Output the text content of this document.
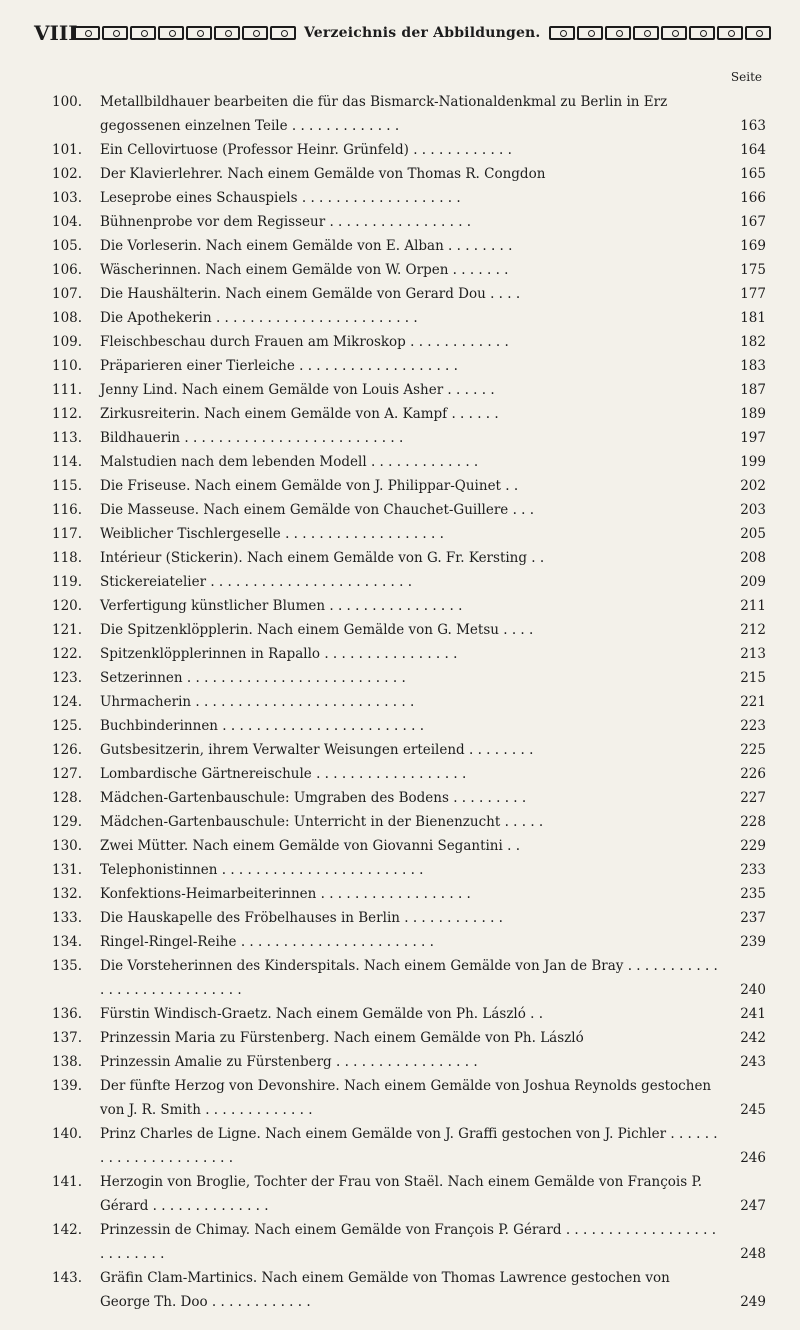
VIII	Verzeichnis der Abbildungen.
Seite
100. Metallbildhauer bearbeiten die für das Bismarck-Nationaldenkmal zu Berlin in Erz gegossenen einzelnen Teile . . . . . . . . . . . . .	163
101. Ein Cellovirtuose (Professor Heinr. Grünfeld) . . . . . . . . . . . .	164
102. Der Klavierlehrer. Nach einem Gemälde von Thomas R. Congdon	165
103. Leseprobe eines Schauspiels . . . . . . . . . . . . . . . . . . .	166
104. Bühnenprobe vor dem Regisseur . . . . . . . . . . . . . . . . .	167
105. Die Vorleserin. Nach einem Gemälde von E. Alban . . . . . . . .	169
106. Wäscherinnen. Nach einem Gemälde von W. Orpen . . . . . . .	175
107. Die Haushälterin. Nach einem Gemälde von Gerard Dou . . . .	177
108. Die Apothekerin . . . . . . . . . . . . . . . . . . . . . . . .	181
109. Fleischbeschau durch Frauen am Mikroskop . . . . . . . . . . . .	182
110. Präparieren einer Tierleiche . . . . . . . . . . . . . . . . . . .	183
111. Jenny Lind. Nach einem Gemälde von Louis Asher . . . . . .	187
112. Zirkusreiterin. Nach einem Gemälde von A. Kampf . . . . . .	189
113. Bildhauerin . . . . . . . . . . . . . . . . . . . . . . . . . .	197
114. Malstudien nach dem lebenden Modell . . . . . . . . . . . . .	199
115. Die Friseuse. Nach einem Gemälde von J. Philippar-Quinet . .	202
116. Die Masseuse. Nach einem Gemälde von Chauchet-Guillere . . .	203
117. Weiblicher Tischlergeselle . . . . . . . . . . . . . . . . . . .	205
118. Intérieur (Stickerin). Nach einem Gemälde von G. Fr. Kersting . .	208
119. Stickereiatelier . . . . . . . . . . . . . . . . . . . . . . . .	209
120. Verfertigung künstlicher Blumen . . . . . . . . . . . . . . . .	211
121. Die Spitzenklöpplerin. Nach einem Gemälde von G. Metsu . . . .	212
122. Spitzenklöpplerinnen in Rapallo . . . . . . . . . . . . . . . .	213
123. Setzerinnen . . . . . . . . . . . . . . . . . . . . . . . . . .	215
124. Uhrmacherin . . . . . . . . . . . . . . . . . . . . . . . . . .	221
125. Buchbinderinnen . . . . . . . . . . . . . . . . . . . . . . . .	223
126. Gutsbesitzerin, ihrem Verwalter Weisungen erteilend . . . . . . . .	225
127. Lombardische Gärtnereischule . . . . . . . . . . . . . . . . . .	226
128. Mädchen-Gartenbauschule: Umgraben des Bodens . . . . . . . . .	227
129. Mädchen-Gartenbauschule: Unterricht in der Bienenzucht . . . . .	228
130. Zwei Mütter. Nach einem Gemälde von Giovanni Segantini . .	229
131. Telephonistinnen . . . . . . . . . . . . . . . . . . . . . . . .	233
132. Konfektions-Heimarbeiterinnen . . . . . . . . . . . . . . . . . .	235
133. Die Hauskapelle des Fröbelhauses in Berlin . . . . . . . . . . . .	237
134. Ringel-Ringel-Reihe . . . . . . . . . . . . . . . . . . . . . . .	239
135. Die Vorsteherinnen des Kinderspitals. Nach einem Gemälde von Jan de Bray . . . . . . . . . . . . . . . . . . . . . . . . . . . .	240
136. Fürstin Windisch-Graetz. Nach einem Gemälde von Ph. László . .	241
137. Prinzessin Maria zu Fürstenberg. Nach einem Gemälde von Ph. László	242
138. Prinzessin Amalie zu Fürstenberg . . . . . . . . . . . . . . . . .	243
139. Der fünfte Herzog von Devonshire. Nach einem Gemälde von Joshua Reynolds gestochen von J. R. Smith . . . . . . . . . . . . .	245
140. Prinz Charles de Ligne. Nach einem Gemälde von J. Graffi gestochen von J. Pichler . . . . . . . . . . . . . . . . . . . . . .	246
141. Herzogin von Broglie, Tochter der Frau von Staël. Nach einem Gemälde von François P. Gérard . . . . . . . . . . . . . .	247
142. Prinzessin de Chimay. Nach einem Gemälde von François P. Gérard . . . . . . . . . . . . . . . . . . . . . . . . . .	248
143. Gräfin Clam-Martinics. Nach einem Gemälde von Thomas Lawrence gestochen von George Th. Doo . . . . . . . . . . . .	249
